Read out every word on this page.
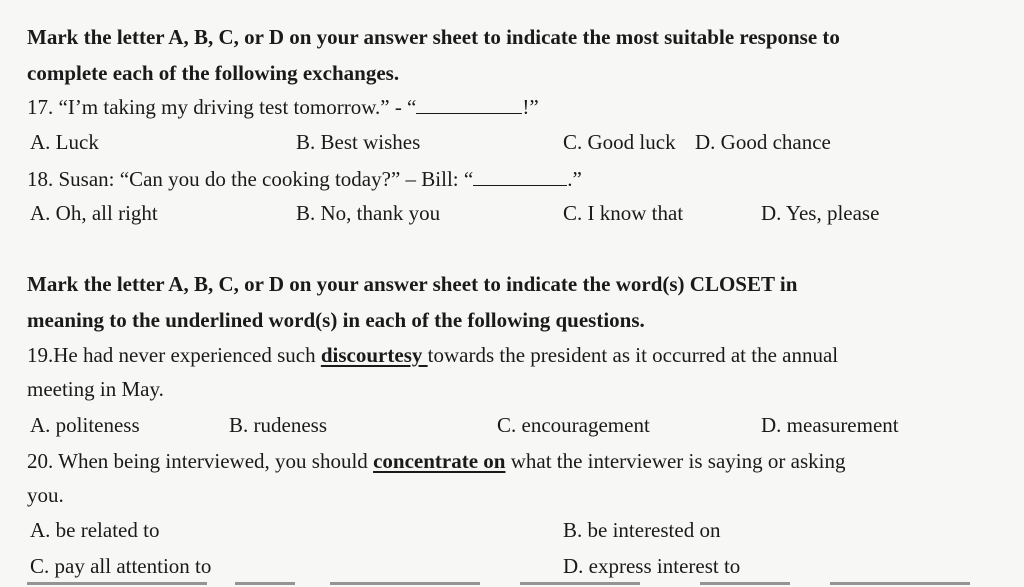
Mark the letter A, B, C, or D on your answer sheet to indicate the most suitable response to
complete each of the following exchanges.
17. “I’m taking my driving test tomorrow.” - “	!”
A. Luck	B. Best wishes	C. Good luck D. Good chance
18. Susan: “Can you do the cooking today?” – Bill: “	.”
A. Oh, all right	B. No, thank you	C. I know that	D. Yes, please
Mark the letter A, B, C, or D on your answer sheet to indicate the word(s) CLOSET in
meaning to the underlined word(s) in each of the following questions.
19.He had never experienced such discourtesy towards the president as it occurred at the annual
meeting in May.
A. politeness	B. rudeness	C. encouragement	D. measurement
20. When being interviewed, you should concentrate on what the interviewer is saying or asking
you.
A. be related to	B. be interested on
C. pay all attention to	D. express interest to
